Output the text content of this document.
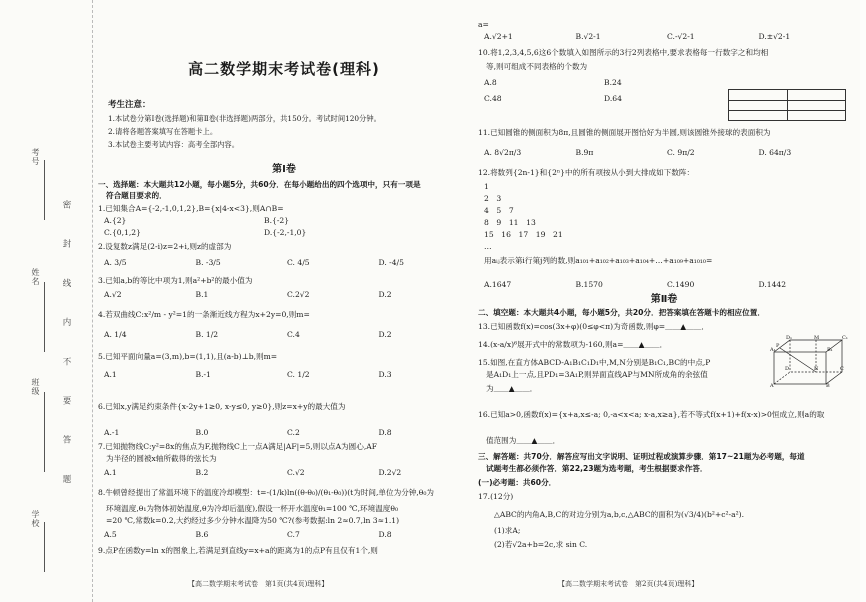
考号
姓名
班级
学校
密 封 线 内 不 要 答 题
高二数学期末考试卷(理科)
考生注意：
1.本试卷分第Ⅰ卷(选择题)和第Ⅱ卷(非选择题)两部分，共150分。考试时间120分钟。
2.请将各题答案填写在答题卡上。
3.本试卷主要考试内容：高考全部内容。
第Ⅰ卷
一、选择题：本大题共12小题，每小题5分，共60分．在每小题给出的四个选项中，只有一项是
符合题目要求的．
1.已知集合A={-2,-1,0,1,2},B={x|4-x<3},则A∩B=
A.{2}	B.{-2}
C.{0,1,2}	D.{-2,-1,0}
2.设复数z满足(2-i)z=2+i,则z的虚部为
A. 3/5	B. -3/5	C. 4/5	D. -4/5
3.已知a,b的等比中项为1,则a²+b²的最小值为
A.√2	B.1	C.2√2	D.2
4.若双曲线C:x²/m - y²=1的一条渐近线方程为x+2y=0,则m=
A. 1/4	B. 1/2	C.4	D.2
5.已知平面向量a=(3,m),b=(1,1),且(a-b)⊥b,则m=
A.1	B.-1	C. 1/2	D.3
6.已知x,y满足约束条件{x-2y+1≥0, x-y≤0, y≥0},则z=x+y的最大值为
A.-1	B.0	C.2	D.8
7.已知抛物线C:y²=8x的焦点为F,抛物线C上一点A满足|AF|=5,则以点A为圆心,AF
为半径的圆被x轴所截得的弦长为
A.1	B.2	C.√2	D.2√2
8.牛顿曾经提出了常温环境下的温度冷却模型：t=-(1/k)ln((θ-θ₀)/(θ₁-θ₀))(t为时间,单位为分钟,θ₀为
环境温度,θ₁为物体初始温度,θ为冷却后温度),假设一杯开水温度θ₁=100 ℃,环境温度θ₀
=20 ℃,常数k=0.2,大约经过多少分钟水温降为50 ℃?(参考数据:ln 2≈0.7,ln 3≈1.1)
A.5	B.6	C.7	D.8
9.点P在函数y=ln x的图象上,若满足到直线y=x+a的距离为1的点P有且仅有1个,则
【高二数学期末考试卷　第1页(共4页)理科】
a=
A.√2+1	B.√2-1	C.-√2-1	D.±√2-1
10.将1,2,3,4,5,6这6个数填入如图所示的3行2列表格中,要求表格每一行数字之和均相
等,则可组成不同表格的个数为
A.8	B.24
C.48	D.64
11.已知圆锥的侧面积为8π,且圆锥的侧面展开图恰好为半圆,则该圆锥外接球的表面积为
A. 8√2π/3	B.9π	C. 9π/2	D. 64π/3
12.将数列{2n-1}和{2ⁿ}中的所有项按从小到大排成如下数阵：
1
2　3
4　5　7
8　9　11　13
15　16　17　19　21
…
用aᵢⱼ表示第i行第j列的数,则a₁₀₁+a₁₀₂+a₁₀₃+a₁₀₄+…+a₁₀₉+a₁₀₁₀=
A.1647	B.1570	C.1490	D.1442
第Ⅱ卷
二、填空题：本大题共4小题，每小题5分，共20分．把答案填在答题卡的相应位置．
13.已知函数f(x)=cos(3x+φ)(0≤φ<π)为奇函数,则φ=＿＿▲＿＿．
14.(x-a/x)⁶展开式中的常数项为-160,则a=＿＿▲＿＿．
15.如图,在直方体ABCD-A₁B₁C₁D₁中,M,N分别是B₁C₁,BC的中点,P
是A₁D₁上一点,且PD₁=3A₁P,则异面直线AP与MN所成角的余弦值
为＿＿▲＿＿．
D₁	M	C₁
A₁	B₁
D	C
N
A	B
P
16.已知a>0,函数f(x)={x+a,x≤-a; 0,-a<x<a; x-a,x≥a},若不等式f(x+1)+f(x-x)>0恒成立,则a的取
值范围为＿＿▲＿＿．
三、解答题：共70分．解答应写出文字说明、证明过程或演算步骤．第17~21题为必考题，每道
试题考生都必须作答．第22,23题为选考题，考生根据要求作答．
(一)必考题：共60分．
17.(12分)
△ABC的内角A,B,C的对边分别为a,b,c,△ABC的面积为(√3/4)(b²+c²-a²).
(1)求A;
(2)若√2a+b=2c,求 sin C.
【高二数学期末考试卷　第2页(共4页)理科】
